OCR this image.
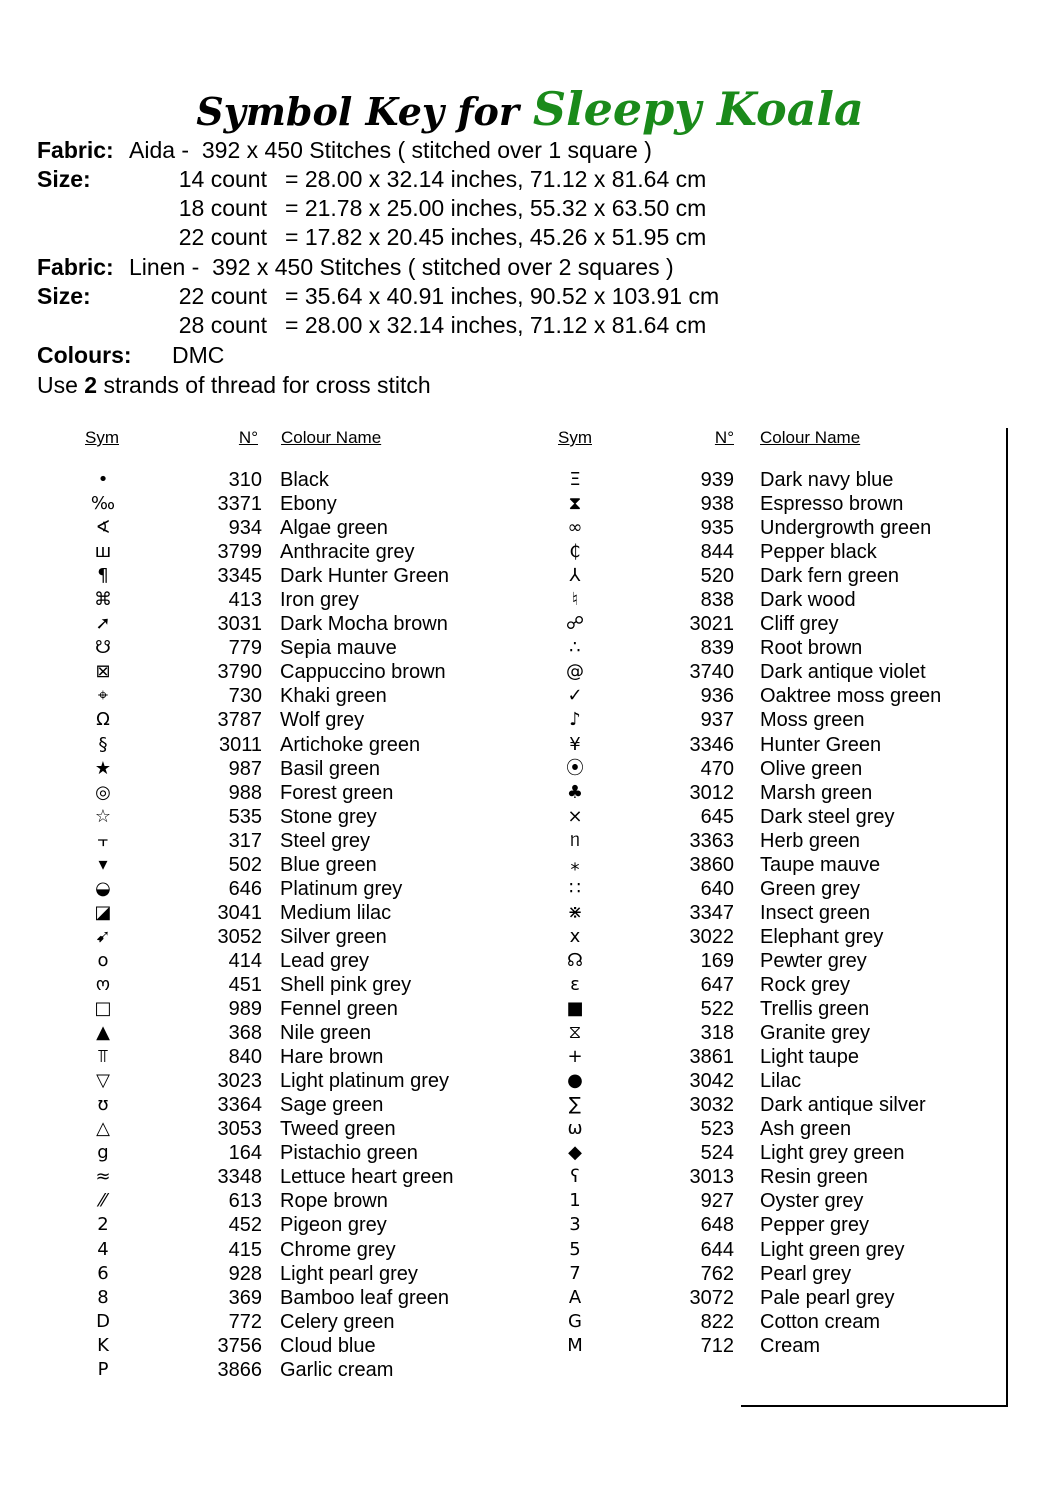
Symbol Key for Sleepy Koala
Fabric: Aida -  392 x 450 Stitches ( stitched over 1 square )
Size:	14 count = 28.00 x 32.14 inches, 71.12 x 81.64 cm
18 count = 21.78 x 25.00 inches, 55.32 x 63.50 cm
22 count = 17.82 x 20.45 inches, 45.26 x 51.95 cm
Fabric: Linen -  392 x 450 Stitches ( stitched over 2 squares )
Size:	22 count = 35.64 x 40.91 inches, 90.52 x 103.91 cm
28 count = 28.00 x 32.14 inches, 71.12 x 81.64 cm
Colours: DMC
Use 2 strands of thread for cross stitch
Sym	N° Colour Name	Sym	N° Colour Name
•	310 Black
‰	3371 Ebony
∢	934 Algae green
ш	3799 Anthracite grey
¶	3345 Dark Hunter Green
⌘	413 Iron grey
➚	3031 Dark Mocha brown
☋	779 Sepia mauve
⊠	3790 Cappuccino brown
⌖	730 Khaki green
Ω	3787 Wolf grey
§	3011 Artichoke green
★	987 Basil green
◎	988 Forest green
☆	535 Stone grey
⫟	317 Steel grey
▾	502 Blue green
◒	646 Platinum grey
◪	3041 Medium lilac
➹	3052 Silver green
o	414 Lead grey
ო	451 Shell pink grey
□	989 Fennel green
▲	368 Nile green
⫪	840 Hare brown
▽	3023 Light platinum grey
ʊ	3364 Sage green
△	3053 Tweed green
g	164 Pistachio green
≈	3348 Lettuce heart green
⁄⁄	613 Rope brown
2	452 Pigeon grey
4	415 Chrome grey
6	928 Light pearl grey
8	369 Bamboo leaf green
D	772 Celery green
K	3756 Cloud blue
P	3866 Garlic cream
Ξ	939 Dark navy blue
⧗	938 Espresso brown
∞	935 Undergrowth green
₵	844 Pepper black
⅄	520 Dark fern green
♮	838 Dark wood
☍	3021 Cliff grey
∴	839 Root brown
@	3740 Dark antique violet
✓	936 Oaktree moss green
♪	937 Moss green
¥	3346 Hunter Green
⦿	470 Olive green
♣	3012 Marsh green
⨯	645 Dark steel grey
ᥒ	3363 Herb green
⁎	3860 Taupe mauve
∷	640 Green grey
⋇	3347 Insect green
x	3022 Elephant grey
☊	169 Pewter grey
ε	647 Rock grey
■	522 Trellis green
⧖	318 Granite grey
+	3861 Light taupe
●	3042 Lilac
∑	3032 Dark antique silver
ω	523 Ash green
◆	524 Light grey green
ʕ	3013 Resin green
1	927 Oyster grey
3	648 Pepper grey
5	644 Light green grey
7	762 Pearl grey
A	3072 Pale pearl grey
G	822 Cotton cream
M	712 Cream
